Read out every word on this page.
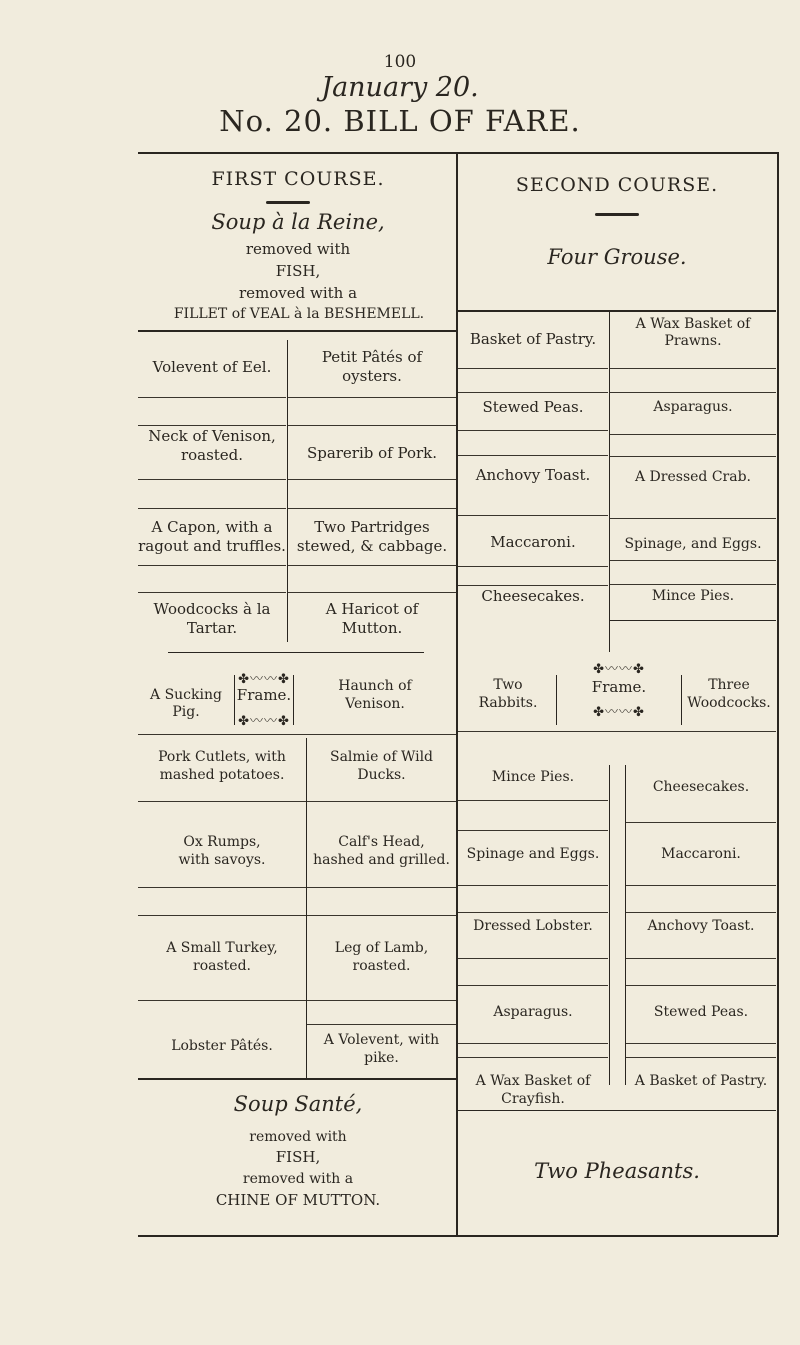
100
January 20.
No. 20. BILL OF FARE.
FIRST COURSE.
Soup à la Reine,
removed with
FISH,
removed with a
FILLET of VEAL à la BESHEMELL.
Volevent of Eel.
Neck of Venison,
roasted.
A Capon, with a
ragout and truffles.
Woodcocks à la
Tartar.
Petit Pâtés of
oysters.
Sparerib of Pork.
Two Partridges
stewed, & cabbage.
A Haricot of
Mutton.
A Sucking
Pig.
✤〰〰✤
Frame.
✤〰〰✤
Haunch of
Venison.
Pork Cutlets, with
mashed potatoes.
Ox Rumps,
with savoys.
A Small Turkey,
roasted.
Lobster Pâtés.
Salmie of Wild
Ducks.
Calf's Head,
hashed and grilled.
Leg of Lamb,
roasted.
A Volevent, with
pike.
Soup Santé,
removed with
FISH,
removed with a
CHINE OF MUTTON.
SECOND COURSE.
Four Grouse.
Basket of Pastry.
Stewed Peas.
Anchovy Toast.
Maccaroni.
Cheesecakes.
A Wax Basket of
Prawns.
Asparagus.
A Dressed Crab.
Spinage, and Eggs.
Mince Pies.
Two
Rabbits.
✤〰〰✤
Frame.
✤〰〰✤
Three
Woodcocks.
Mince Pies.
Spinage and Eggs.
Dressed Lobster.
Asparagus.
A Wax Basket of Crayfish.
Cheesecakes.
Maccaroni.
Anchovy Toast.
Stewed Peas.
A Basket of Pastry.
Two Pheasants.
